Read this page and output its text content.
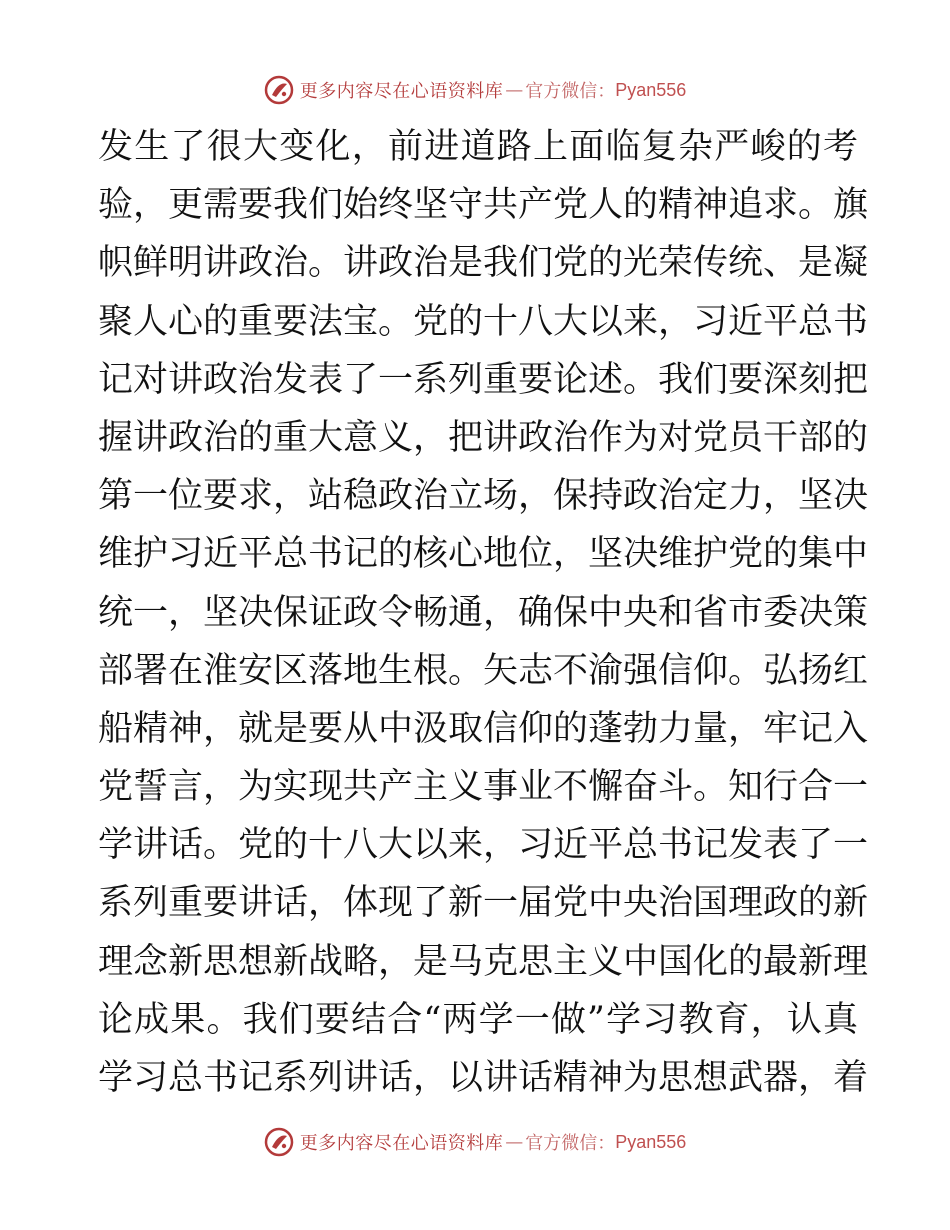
更多内容尽在心语资料库 — 官方微信： Pyan556
发生了很大变化，前进道路上面临复杂严峻的考
验，更需要我们始终坚守共产党人的精神追求。旗
帜鲜明讲政治。讲政治是我们党的光荣传统、是凝
聚人心的重要法宝。党的十八大以来，习近平总书
记对讲政治发表了一系列重要论述。我们要深刻把
握讲政治的重大意义，把讲政治作为对党员干部的
第一位要求，站稳政治立场，保持政治定力，坚决
维护习近平总书记的核心地位，坚决维护党的集中
统一，坚决保证政令畅通，确保中央和省市委决策
部署在淮安区落地生根。矢志不渝强信仰。弘扬红
船精神，就是要从中汲取信仰的蓬勃力量，牢记入
党誓言，为实现共产主义事业不懈奋斗。知行合一
学讲话。党的十八大以来，习近平总书记发表了一
系列重要讲话，体现了新一届党中央治国理政的新
理念新思想新战略，是马克思主义中国化的最新理
论成果。我们要结合“两学一做”学习教育，认真
学习总书记系列讲话，以讲话精神为思想武器，着
更多内容尽在心语资料库 — 官方微信： Pyan556
